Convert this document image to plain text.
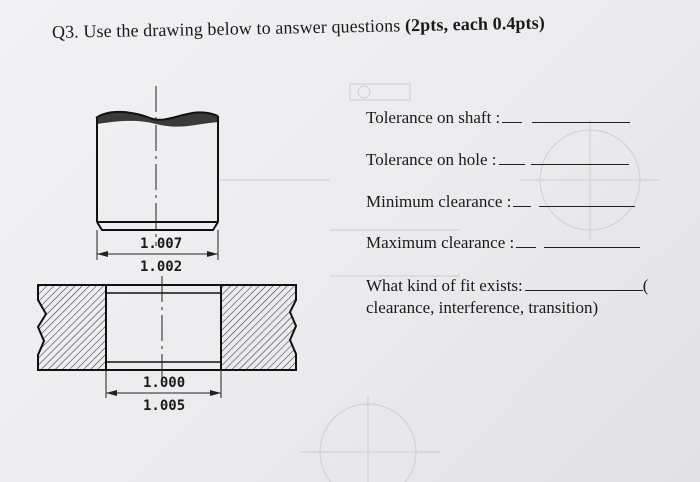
Q3. Use the drawing below to answer questions (2pts, each 0.4pts)
1.007
1.002
1.000
1.005
Tolerance on shaft :
Tolerance on hole :
Minimum clearance :
Maximum clearance :
What kind of fit exists:	(
clearance, interference, transition)
